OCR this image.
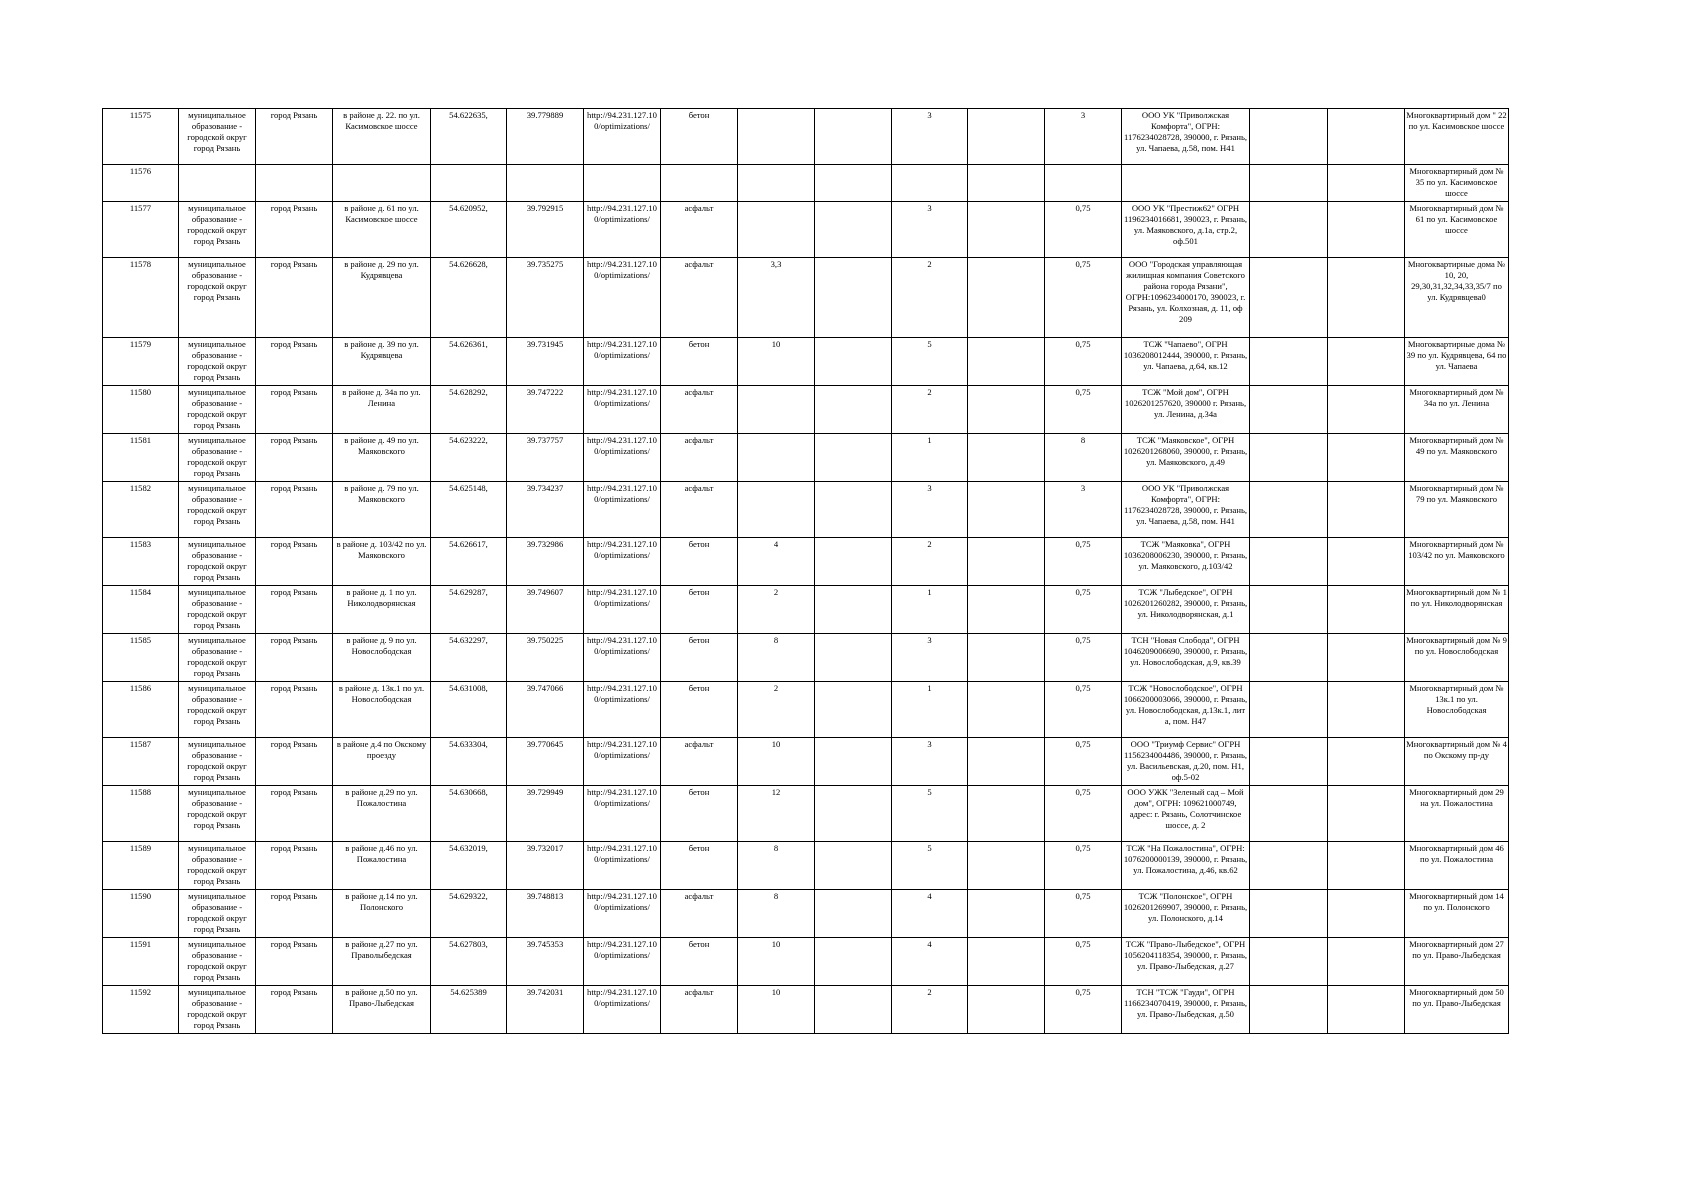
11575	муниципальное образование - городской округ город Рязань	город Рязань	в районе д. 22. по ул. Касимовское шоссе	54.622635,	39.779889	http://94.231.127.100/optimizations/	бетон			3		3	ООО УК "Приволжская Комфорта", ОГРН: 1176234028728, 390000, г. Рязань, ул. Чапаева, д.58, пом. Н41			Многоквартирный дом " 22 по ул. Касимовское шоссе
11576																Многоквартирный дом № 35 по ул. Касимовское шоссе
11577	муниципальное образование - городской округ город Рязань	город Рязань	в районе д. 61 по ул. Касимовское шоссе	54.620952,	39.792915	http://94.231.127.100/optimizations/	асфальт			3		0,75	ООО УК "Престиж62" ОГРН 1196234016681, 390023, г. Рязань, ул. Маяковского, д.1а, стр.2, оф.501			Многоквартирный дом № 61 по ул. Касимовское шоссе
11578	муниципальное образование - городской округ город Рязань	город Рязань	в районе д. 29 по ул. Кудрявцева	54.626628,	39.735275	http://94.231.127.100/optimizations/	асфальт	3,3		2		0,75	ООО "Городская управляющая жилищная компания Советского района города Рязани", ОГРН:1096234000170, 390023, г. Рязань, ул. Колхозная, д. 11, оф 209			Многоквартирные дома № 10, 20, 29,30,31,32,34,33,35/7 по ул. Кудрявцева0
11579	муниципальное образование - городской округ город Рязань	город Рязань	в районе д. 39 по ул. Кудрявцева	54.626361,	39.731945	http://94.231.127.100/optimizations/	бетон	10		5		0,75	ТСЖ "Чапаево", ОГРН 1036208012444, 390000, г. Рязань, ул. Чапаева, д.64, кв.12			Многоквартирные дома № 39 по ул. Кудрявцева, 64 по ул. Чапаева
11580	муниципальное образование - городской округ город Рязань	город Рязань	в районе д. 34а по ул. Ленина	54.628292,	39.747222	http://94.231.127.100/optimizations/	асфальт			2		0,75	ТСЖ "Мой дом", ОГРН 1026201257620, 390000 г. Рязань, ул. Ленина, д.34а			Многоквартирный дом № 34а по ул. Ленина
11581	муниципальное образование - городской округ город Рязань	город Рязань	в районе д. 49 по ул. Маяковского	54.623222,	39.737757	http://94.231.127.100/optimizations/	асфальт			1		8	ТСЖ "Маяковское", ОГРН 1026201268060, 390000, г. Рязань, ул. Маяковского, д.49			Многоквартирный дом № 49 по ул. Маяковского
11582	муниципальное образование - городской округ город Рязань	город Рязань	в районе д. 79 по ул. Маяковского	54.625148,	39.734237	http://94.231.127.100/optimizations/	асфальт			3		3	ООО УК "Приволжская Комфорта", ОГРН: 1176234028728, 390000, г. Рязань, ул. Чапаева, д.58, пом. Н41			Многоквартирный дом № 79 по ул. Маяковского
11583	муниципальное образование - городской округ город Рязань	город Рязань	в районе д. 103/42 по ул. Маяковского	54.626617,	39.732986	http://94.231.127.100/optimizations/	бетон	4		2		0,75	ТСЖ "Маяковка", ОГРН 1036208006230, 390000, г. Рязань, ул. Маяковского, д.103/42			Многоквартирный дом № 103/42 по ул. Маяковского
11584	муниципальное образование - городской округ город Рязань	город Рязань	в районе д. 1 по ул. Николодворянская	54.629287,	39.749607	http://94.231.127.100/optimizations/	бетон	2		1		0,75	ТСЖ "Лыбедское", ОГРН 1026201260282, 390000, г. Рязань, ул. Николодворянская, д.1			Многоквартирный дом № 1 по ул. Николодворянская
11585	муниципальное образование - городской округ город Рязань	город Рязань	в районе д. 9 по ул. Новослободская	54.632297,	39.750225	http://94.231.127.100/optimizations/	бетон	8		3		0,75	ТСН "Новая Слобода", ОГРН 1046209006690, 390000, г. Рязань, ул. Новослободская, д.9, кв.39			Многоквартирный дом № 9 по ул. Новослободская
11586	муниципальное образование - городской округ город Рязань	город Рязань	в районе д. 13к.1 по ул. Новослободская	54.631008,	39.747066	http://94.231.127.100/optimizations/	бетон	2		1		0,75	ТСЖ "Новослободское", ОГРН 1066200003066, 390000, г. Рязань, ул. Новослободская, д.13к.1, лит а, пом. Н47			Многоквартирный дом № 13к.1 по ул. Новослободская
11587	муниципальное образование - городской округ город Рязань	город Рязань	в районе д.4 по Окскому проезду	54.633304,	39.770645	http://94.231.127.100/optimizations/	асфальт	10		3		0,75	ООО "Триумф Сервис" ОГРН 1156234004486, 390000, г. Рязань, ул. Васильевская, д.20, пом. Н1, оф.5-02			Многоквартирный дом № 4 по Окскому пр-ду
11588	муниципальное образование - городской округ город Рязань	город Рязань	в районе д.29 по ул. Пожалостина	54.630668,	39.729949	http://94.231.127.100/optimizations/	бетон	12		5		0,75	ООО УЖК "Зеленый сад – Мой дом", ОГРН: 109621000749, адрес: г. Рязань, Солотчинское шоссе, д. 2			Многоквартирный дом 29 на ул. Пожалостина
11589	муниципальное образование - городской округ город Рязань	город Рязань	в районе д.46 по ул. Пожалостина	54.632019,	39.732017	http://94.231.127.100/optimizations/	бетон	8		5		0,75	ТСЖ "На Пожалостина", ОГРН: 1076200000139, 390000, г. Рязань, ул. Пожалостина, д.46, кв.62			Многоквартирный дом 46 по ул. Пожалостина
11590	муниципальное образование - городской округ город Рязань	город Рязань	в районе д.14 по ул. Полонского	54.629322,	39.748813	http://94.231.127.100/optimizations/	асфальт	8		4		0,75	ТСЖ "Полонское", ОГРН 1026201269907, 390000, г. Рязань, ул. Полонского, д.14			Многоквартирный дом 14 по ул. Полонского
11591	муниципальное образование - городской округ город Рязань	город Рязань	в районе д.27 по ул. Праволыбедская	54.627803,	39.745353	http://94.231.127.100/optimizations/	бетон	10		4		0,75	ТСЖ "Право-Лыбедское", ОГРН 1056204118354, 390000, г. Рязань, ул. Право-Лыбедская, д.27			Многоквартирный дом 27 по ул. Право-Лыбедская
11592	муниципальное образование - городской округ город Рязань	город Рязань	в районе д.50 по ул. Право-Лыбедская	54.625389	39.742031	http://94.231.127.100/optimizations/	асфальт	10		2		0,75	ТСН "ТСЖ "Гауди", ОГРН 1166234070419, 390000, г. Рязань, ул. Право-Лыбедская, д.50			Многоквартирный дом 50 по ул. Право-Лыбедская
